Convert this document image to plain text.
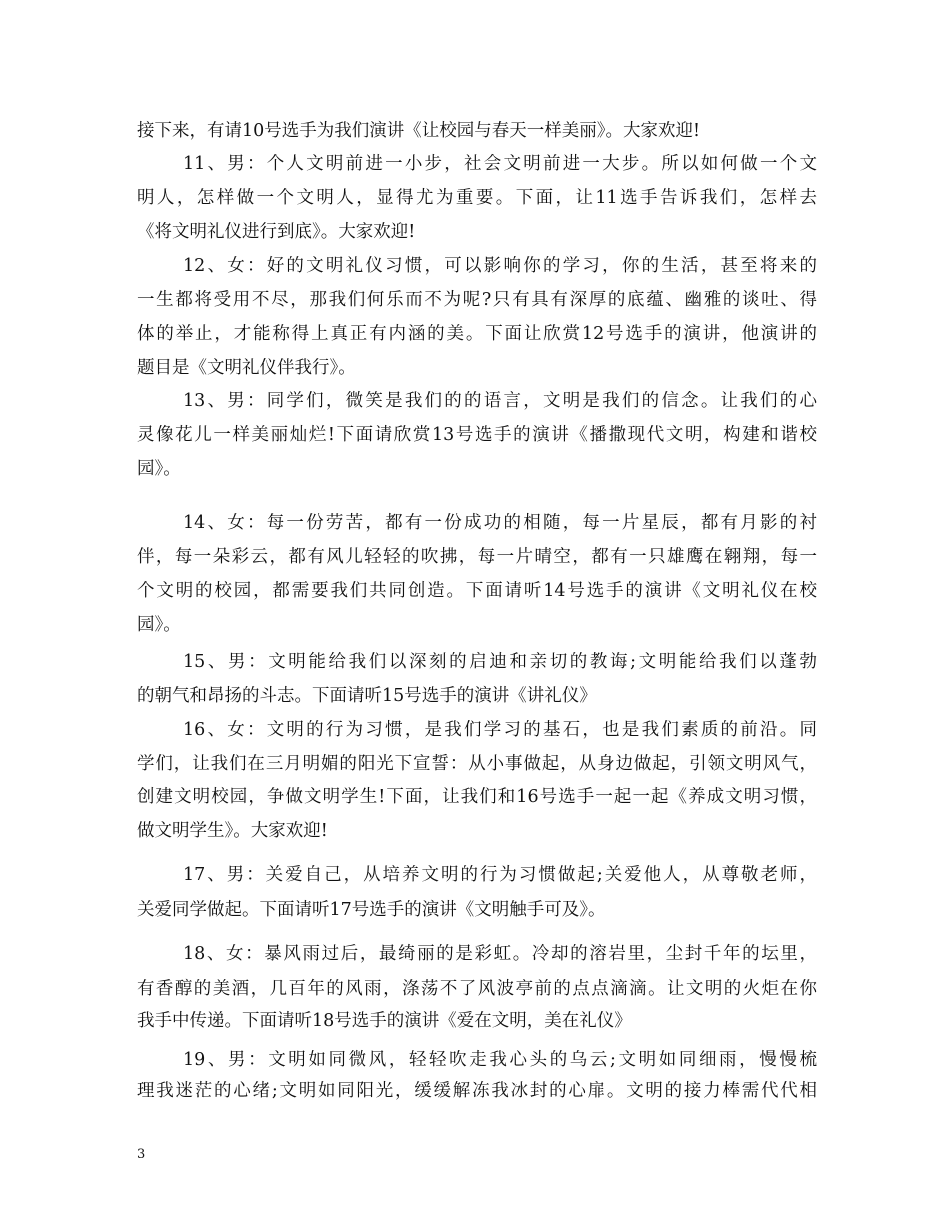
接下来，有请10号选手为我们演讲《让校园与春天一样美丽》。大家欢迎!
11、男：个人文明前进一小步，社会文明前进一大步。所以如何做一个文
明人，怎样做一个文明人，显得尤为重要。下面，让11选手告诉我们，怎样去
《将文明礼仪进行到底》。大家欢迎!
12、女：好的文明礼仪习惯，可以影响你的学习，你的生活，甚至将来的
一生都将受用不尽，那我们何乐而不为呢?只有具有深厚的底蕴、幽雅的谈吐、得
体的举止，才能称得上真正有内涵的美。下面让欣赏12号选手的演讲，他演讲的
题目是《文明礼仪伴我行》。
13、男：同学们，微笑是我们的的语言，文明是我们的信念。让我们的心
灵像花儿一样美丽灿烂!下面请欣赏13号选手的演讲《播撒现代文明，构建和谐校
园》。
14、女：每一份劳苦，都有一份成功的相随，每一片星辰，都有月影的衬
伴，每一朵彩云，都有风儿轻轻的吹拂，每一片晴空，都有一只雄鹰在翱翔，每一
个文明的校园，都需要我们共同创造。下面请听14号选手的演讲《文明礼仪在校
园》。
15、男：文明能给我们以深刻的启迪和亲切的教诲;文明能给我们以蓬勃
的朝气和昂扬的斗志。下面请听15号选手的演讲《讲礼仪》
16、女：文明的行为习惯，是我们学习的基石，也是我们素质的前沿。同
学们，让我们在三月明媚的阳光下宣誓：从小事做起，从身边做起，引领文明风气，
创建文明校园，争做文明学生!下面，让我们和16号选手一起一起《养成文明习惯，
做文明学生》。大家欢迎!
17、男：关爱自己，从培养文明的行为习惯做起;关爱他人，从尊敬老师，
关爱同学做起。下面请听17号选手的演讲《文明触手可及》。
18、女：暴风雨过后，最绮丽的是彩虹。冷却的溶岩里，尘封千年的坛里，
有香醇的美酒，几百年的风雨，涤荡不了风波亭前的点点滴滴。让文明的火炬在你
我手中传递。下面请听18号选手的演讲《爱在文明，美在礼仪》
19、男：文明如同微风，轻轻吹走我心头的乌云;文明如同细雨，慢慢梳
理我迷茫的心绪;文明如同阳光，缓缓解冻我冰封的心扉。文明的接力棒需代代相
3
